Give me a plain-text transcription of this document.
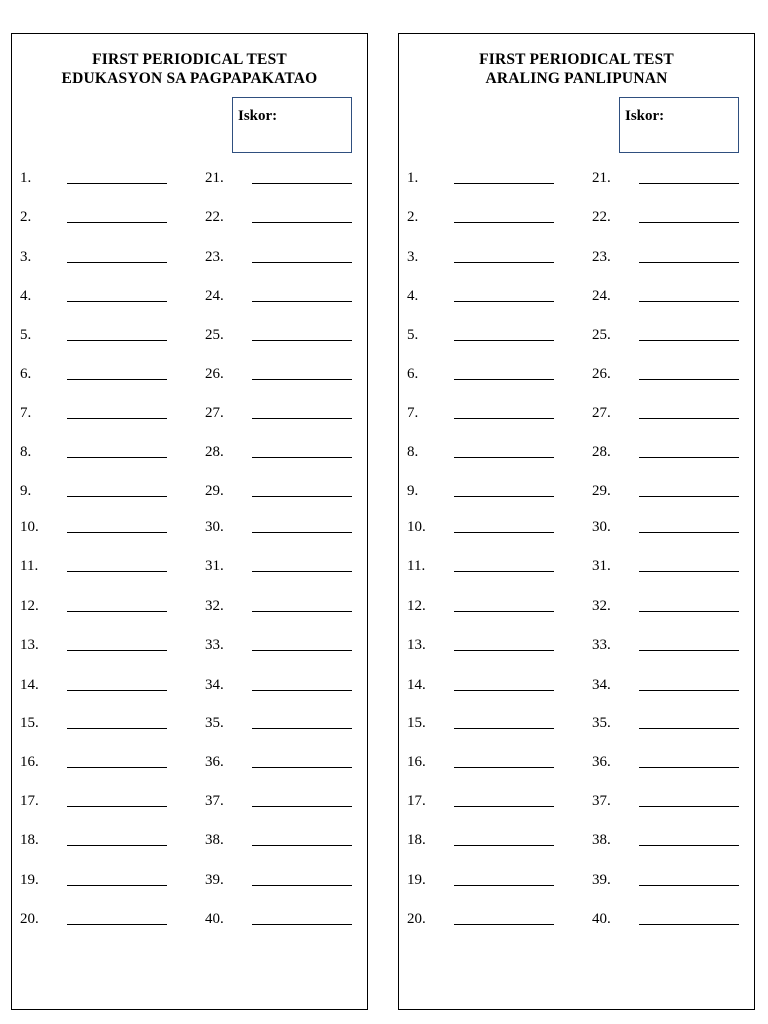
FIRST PERIODICAL TEST
EDUKASYON SA PAGPAPAKATAO
Iskor:
1.	21.
2.	22.
3.	23.
4.	24.
5.	25.
6.	26.
7.	27.
8.	28.
9.	29.
10.	30.
11.	31.
12.	32.
13.	33.
14.	34.
15.	35.
16.	36.
17.	37.
18.	38.
19.	39.
20.	40.
FIRST PERIODICAL TEST
ARALING PANLIPUNAN
Iskor:
1.	21.
2.	22.
3.	23.
4.	24.
5.	25.
6.	26.
7.	27.
8.	28.
9.	29.
10.	30.
11.	31.
12.	32.
13.	33.
14.	34.
15.	35.
16.	36.
17.	37.
18.	38.
19.	39.
20.	40.
